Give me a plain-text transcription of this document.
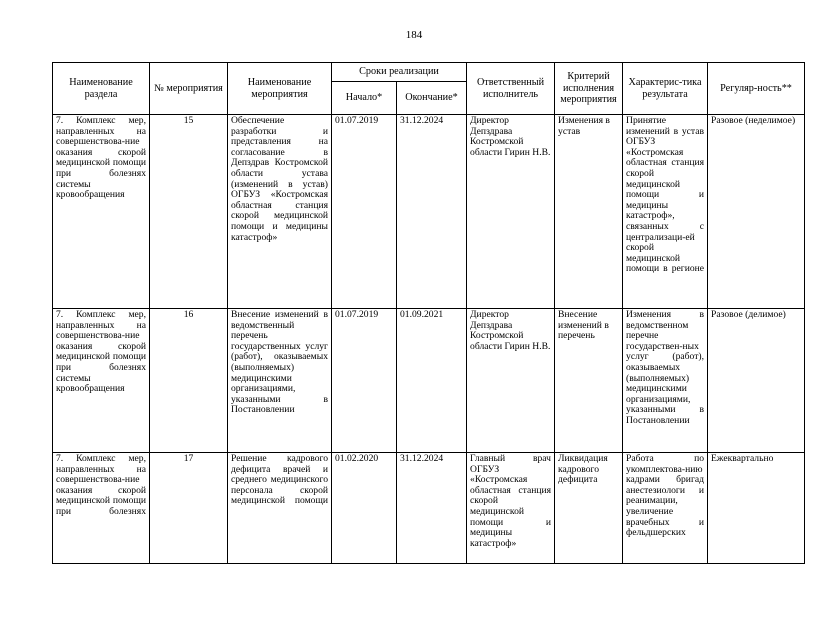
184
Наименование раздела	№ мероприятия	Наименование мероприятия	Сроки реализации		Ответственный исполнитель	Критерий исполнения мероприятия	Характерис-тика результата	Регуляр-ность**
			Начало*	Окончание*				
7. Комплекс мер, направленных на совершенствова-ние оказания скорой медицинской помощи при болезнях системы кровообращения	15	Обеспечение разработки и представления на согласование в Депздрав Костромской области устава (изменений в устав) ОГБУЗ «Костромская областная станция скорой медицинской помощи и медицины катастроф»	01.07.2019	31.12.2024	Директор Депздрава Костромской области Гирин Н.В.	Изменения в устав	Принятие изменений в устав ОГБУЗ «Костромская областная станция скорой медицинской помощи и медицины катастроф», связанных с централизаци-ей скорой медицинской помощи в регионе	Разовое (неделимое)
7. Комплекс мер, направленных на совершенствова-ние оказания скорой медицинской помощи при болезнях системы кровообращения	16	Внесение изменений в ведомственный перечень государственных услуг (работ), оказываемых (выполняемых) медицинскими организациями, указанными в Постановлении	01.07.2019	01.09.2021	Директор Депздрава Костромской области Гирин Н.В.	Внесение изменений в перечень	Изменения в ведомственном перечне государствен-ных услуг (работ), оказываемых (выполняемых) медицинскими организациями, указанными в Постановлении	Разовое (делимое)
7. Комплекс мер, направленных на совершенствова-ние оказания скорой медицинской помощи при болезнях	17	Решение кадрового дефицита врачей и среднего медицинского персонала скорой медицинской помощи	01.02.2020	31.12.2024	Главный врач ОГБУЗ «Костромская областная станция скорой медицинской помощи и медицины катастроф»	Ликвидация кадрового дефицита	Работа по укомплектова-нию кадрами бригад анестезиологи и реанимации, увеличение врачебных и фельдшерских	Ежеквартально
